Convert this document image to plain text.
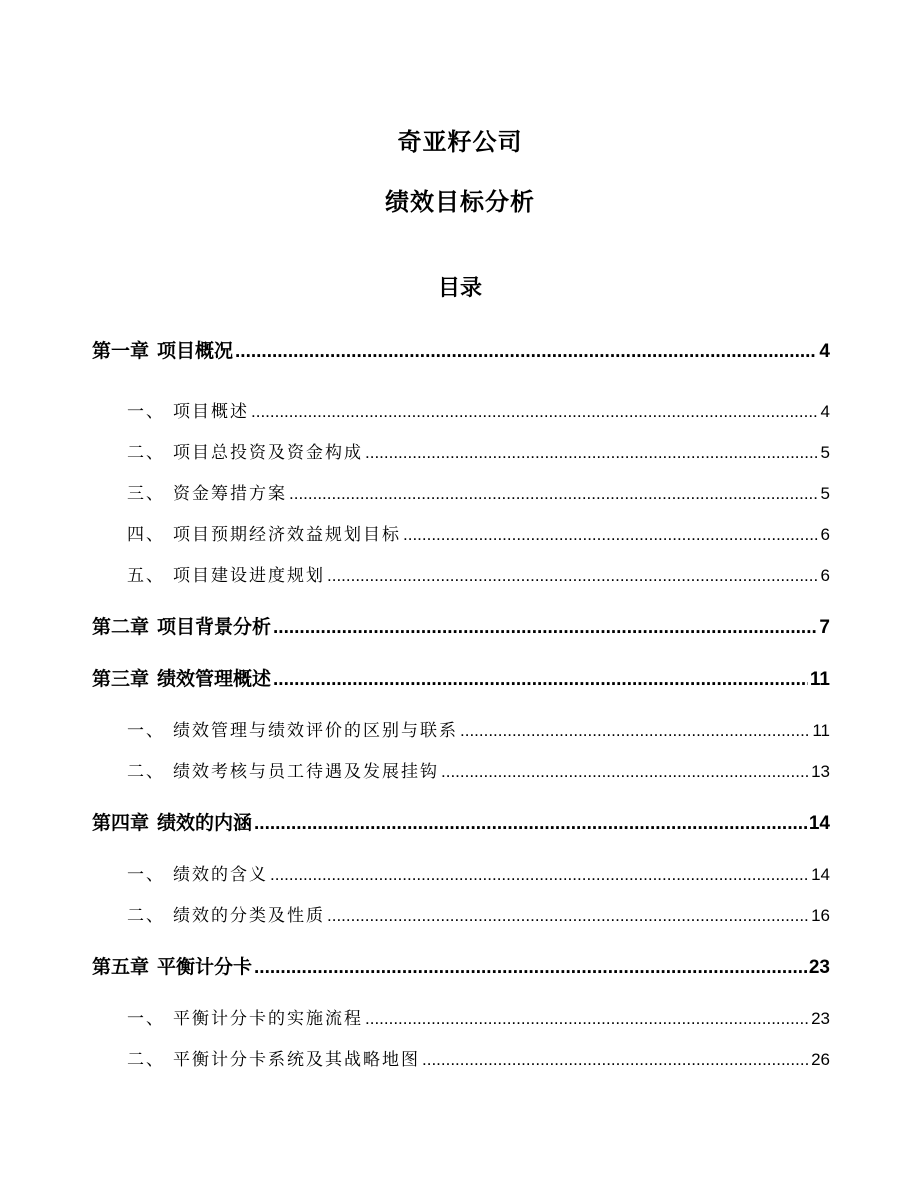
奇亚籽公司
绩效目标分析
目录
第一章 项目概况 .....	4
一、 项目概述 .....	4
二、 项目总投资及资金构成 .....	5
三、 资金筹措方案 .....	5
四、 项目预期经济效益规划目标 .....	6
五、 项目建设进度规划 .....	6
第二章 项目背景分析 .....	7
第三章 绩效管理概述 .....	11
一、 绩效管理与绩效评价的区别与联系 .....	11
二、 绩效考核与员工待遇及发展挂钩 .....	13
第四章 绩效的内涵 .....	14
一、 绩效的含义 .....	14
二、 绩效的分类及性质 .....	16
第五章 平衡计分卡 .....	23
一、 平衡计分卡的实施流程 .....	23
二、 平衡计分卡系统及其战略地图 .....	26
